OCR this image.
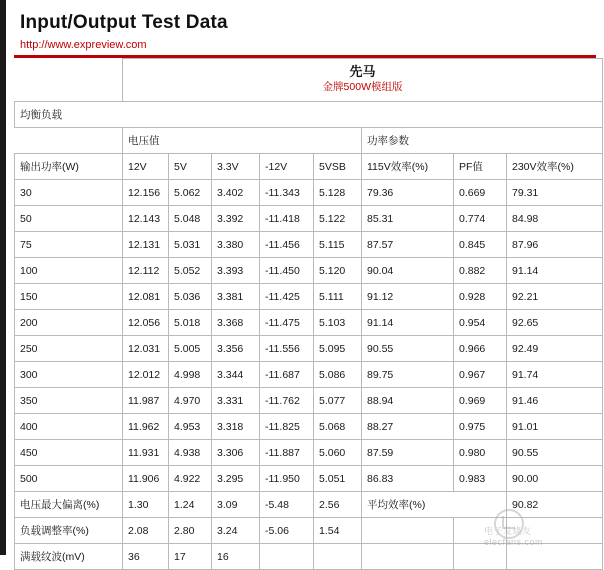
Input/Output Test Data
http://www.expreview.com

	先马
金牌500W模组版							

均衡负载								
	电压值					功率参数		
输出功率(W)	12V	5V	3.3V	-12V	5VSB	115V效率(%)	PF值	230V效率(%)
30	12.156	5.062	3.402	-11.343	5.128	79.36	0.669	79.31
50	12.143	5.048	3.392	-11.418	5.122	85.31	0.774	84.98
75	12.131	5.031	3.380	-11.456	5.115	87.57	0.845	87.96
100	12.112	5.052	3.393	-11.450	5.120	90.04	0.882	91.14
150	12.081	5.036	3.381	-11.425	5.111	91.12	0.928	92.21
200	12.056	5.018	3.368	-11.475	5.103	91.14	0.954	92.65
250	12.031	5.005	3.356	-11.556	5.095	90.55	0.966	92.49
300	12.012	4.998	3.344	-11.687	5.086	89.75	0.967	91.74
350	11.987	4.970	3.331	-11.762	5.077	88.94	0.969	91.46
400	11.962	4.953	3.318	-11.825	5.068	88.27	0.975	91.01
450	11.931	4.938	3.306	-11.887	5.060	87.59	0.980	90.55
500	11.906	4.922	3.295	-11.950	5.051	86.83	0.983	90.00
电压最大偏离(%)	1.30	1.24	3.09	-5.48	2.56	平均效率(%)		90.82
负载调整率(%)	2.08	2.80	3.24	-5.06	1.54			
满载纹波(mV)	36	17	16					
电子发烧友 elecfans.com
